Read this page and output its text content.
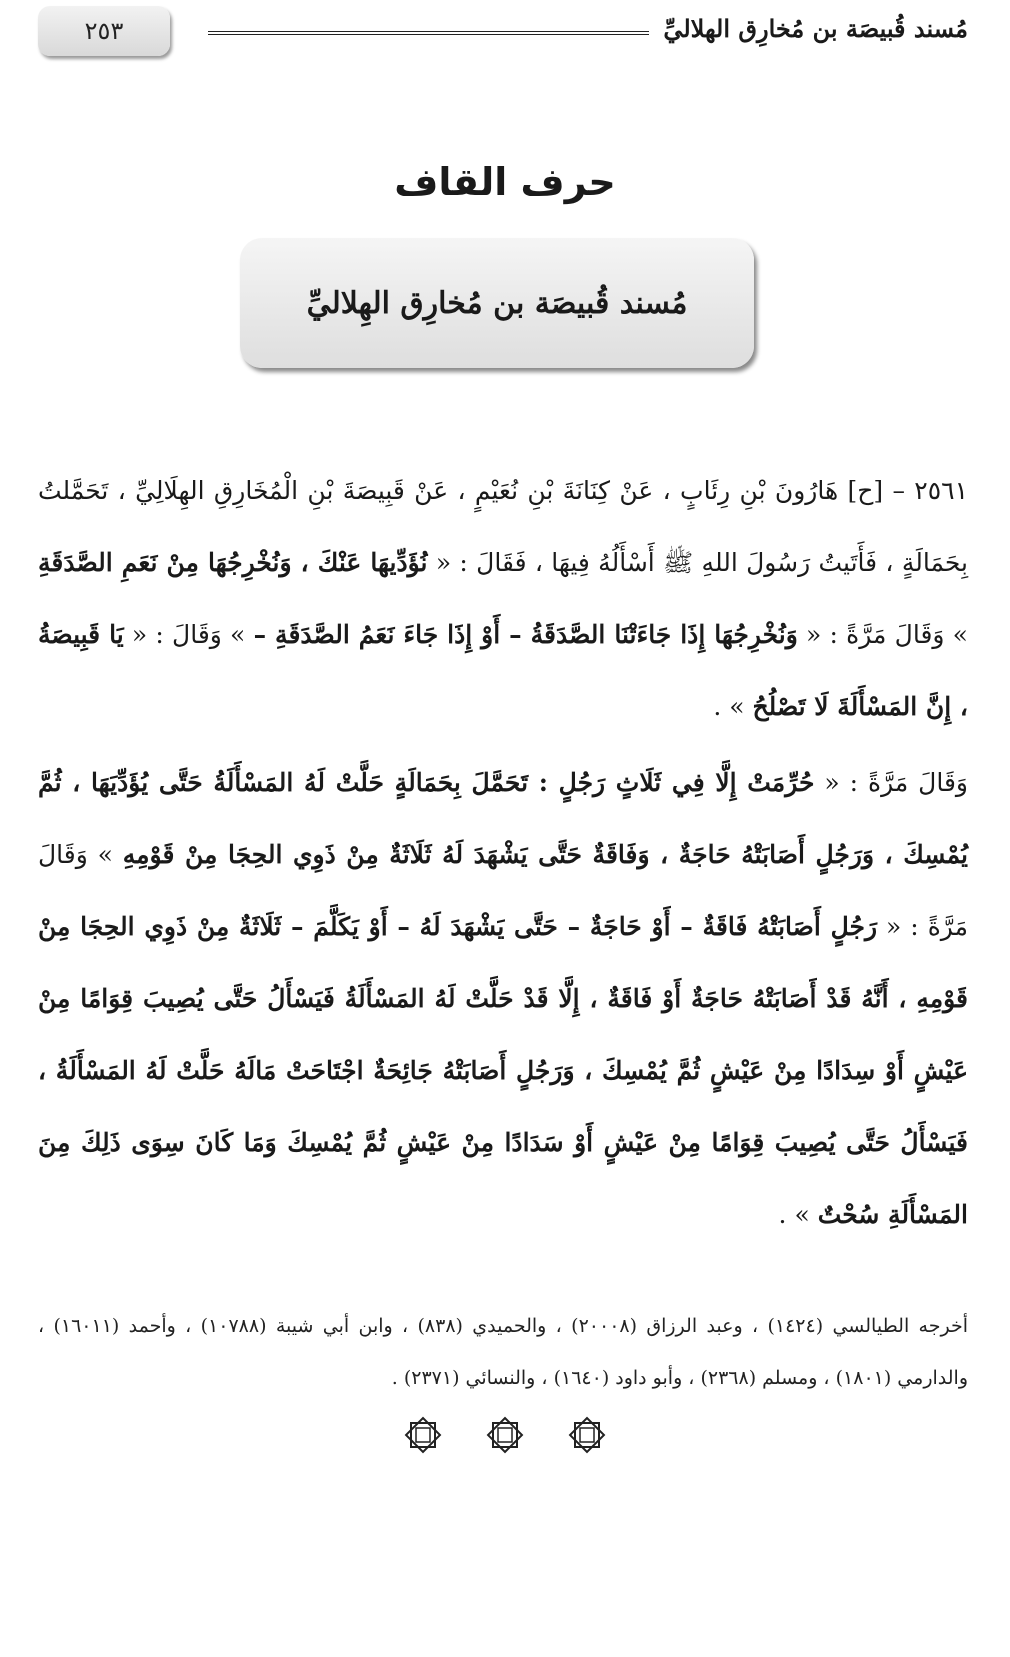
٢٥٣	مُسند قُبيصَة بن مُخارِق الهلاليِّ
حرف القاف
مُسند قُبيصَة بن مُخارِق الهِلاليِّ

٢٥٦١ – [ح] هَارُونَ بْنِ رِئَابٍ ، عَنْ كِنَانَةَ بْنِ نُعَيْمٍ ، عَنْ قَبِيصَةَ بْنِ الْمُخَارِقِ الهِلَالِيِّ ، تَحَمَّلتُ بِحَمَالَةٍ ، فَأَتَيتُ رَسُولَ اللهِ ﷺ أَسْأَلُهُ فِيهَا ، فَقَالَ : « نُؤَدِّيهَا عَنْكَ ، وَنُخْرِجُهَا مِنْ نَعَمِ الصَّدَقَةِ » وَقَالَ مَرَّةً : « وَنُخْرِجُهَا إِذَا جَاءَتْنَا الصَّدَقَةُ – أَوْ إِذَا جَاءَ نَعَمُ الصَّدَقَةِ – » وَقَالَ : « يَا قَبِيصَةُ ، إِنَّ المَسْأَلَةَ لَا تَصْلُحُ » .

وَقَالَ مَرَّةً : « حُرِّمَتْ إِلَّا فِي ثَلَاثٍ رَجُلٍ : تَحَمَّلَ بِحَمَالَةٍ حَلَّتْ لَهُ المَسْأَلَةُ حَتَّى يُؤَدِّيَهَا ، ثُمَّ يُمْسِكَ ، وَرَجُلٍ أَصَابَتْهُ حَاجَةٌ ، وَفَاقَةٌ حَتَّى يَشْهَدَ لَهُ ثَلَاثَةٌ مِنْ ذَوِي الحِجَا مِنْ قَوْمِهِ » وَقَالَ مَرَّةً : « رَجُلٍ أَصَابَتْهُ فَاقَةٌ – أَوْ حَاجَةٌ – حَتَّى يَشْهَدَ لَهُ – أَوْ يَكَلَّمَ – ثَلَاثَةٌ مِنْ ذَوِي الحِجَا مِنْ قَوْمِهِ ، أَنَّهُ قَدْ أَصَابَتْهُ حَاجَةٌ أَوْ فَاقَةٌ ، إِلَّا قَدْ حَلَّتْ لَهُ المَسْأَلَةُ فَيَسْأَلُ حَتَّى يُصِيبَ قِوَامًا مِنْ عَيْشٍ أَوْ سِدَادًا مِنْ عَيْشٍ ثُمَّ يُمْسِكَ ، وَرَجُلٍ أَصَابَتْهُ جَائِحَةٌ اجْتَاحَتْ مَالَهُ حَلَّتْ لَهُ المَسْأَلَةُ ، فَيَسْأَلُ حَتَّى يُصِيبَ قِوَامًا مِنْ عَيْشٍ أَوْ سَدَادًا مِنْ عَيْشٍ ثُمَّ يُمْسِكَ وَمَا كَانَ سِوَى ذَلِكَ مِنَ المَسْأَلَةِ سُحْتٌ » .

أخرجه الطيالسي (١٤٢٤) ، وعبد الرزاق (٢٠٠٠٨) ، والحميدي (٨٣٨) ، وابن أبي شيبة (١٠٧٨٨) ، وأحمد (١٦٠١١) ، والدارمي (١٨٠١) ، ومسلم (٢٣٦٨) ، وأبو داود (١٦٤٠) ، والنسائي (٢٣٧١) .
